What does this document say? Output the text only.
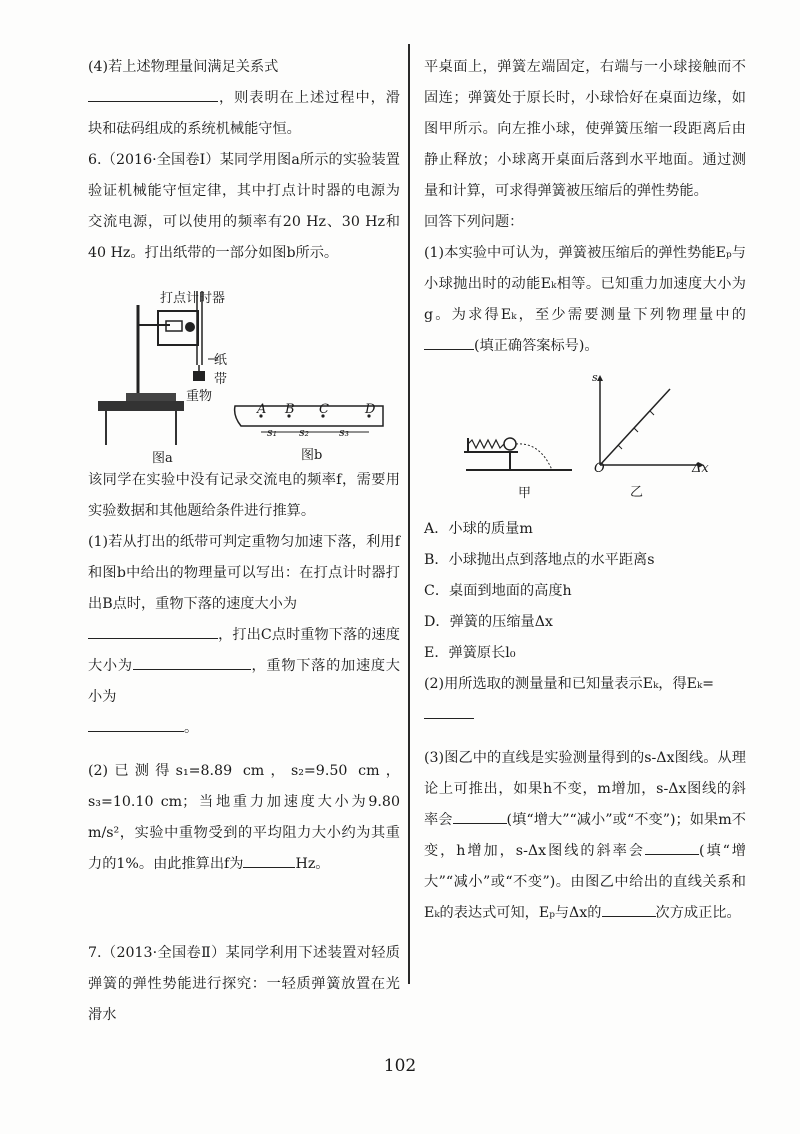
(4)若上述物理量间满足关系式

，则表明在上述过程中，滑块和砝码组成的系统机械能守恒。

6.（2016·全国卷Ⅰ）某同学用图a所示的实验装置验证机械能守恒定律，其中打点计时器的电源为交流电源，可以使用的频率有20 Hz、30 Hz和40 Hz。打出纸带的一部分如图b所示。

该同学在实验中没有记录交流电的频率f，需要用实验数据和其他题给条件进行推算。

(1)若从打出的纸带可判定重物匀加速下落，利用f和图b中给出的物理量可以写出：在打点计时器打出B点时，重物下落的速度大小为
，打出C点时重物下落的速度大小为	，重物下落的加速度大小为
。

(2)已测得s₁=8.89 cm，s₂=9.50 cm，s₃=10.10 cm；当地重力加速度大小为9.80 m/s²，实验中重物受到的平均阻力大小约为其重力的1%。由此推算出f为	Hz。

7.（2013·全国卷Ⅱ）某同学利用下述装置对轻质弹簧的弹性势能进行探究：一轻质弹簧放置在光滑水

平桌面上，弹簧左端固定，右端与一小球接触而不固连；弹簧处于原长时，小球恰好在桌面边缘，如图甲所示。向左推小球，使弹簧压缩一段距离后由静止释放；小球离开桌面后落到水平地面。通过测量和计算，可求得弹簧被压缩后的弹性势能。

回答下列问题：

(1)本实验中可认为，弹簧被压缩后的弹性势能Eₚ与小球抛出时的动能Eₖ相等。已知重力加速度大小为g。为求得Eₖ，至少需要测量下列物理量中的(填正确答案标号)。

A．小球的质量m

B．小球抛出点到落地点的水平距离s

C．桌面到地面的高度h

D．弹簧的压缩量Δx

E．弹簧原长l₀

(2)用所选取的测量量和已知量表示Eₖ，得Eₖ=

(3)图乙中的直线是实验测量得到的s-Δx图线。从理论上可推出，如果h不变，m增加，s-Δx图线的斜率会	(填“增大”“减小”或“不变”)；如果m不变，h增加，s-Δx图线的斜率会	(填“增大”“减小”或“不变”)。由图乙中给出的直线关系和Eₖ的表达式可知，Eₚ与Δx的	次方成正比。

打点计时器
纸带
重物
图a
A B C	D
s₁ s₂	s₃
图b
甲
s
Δx
O
乙
102
